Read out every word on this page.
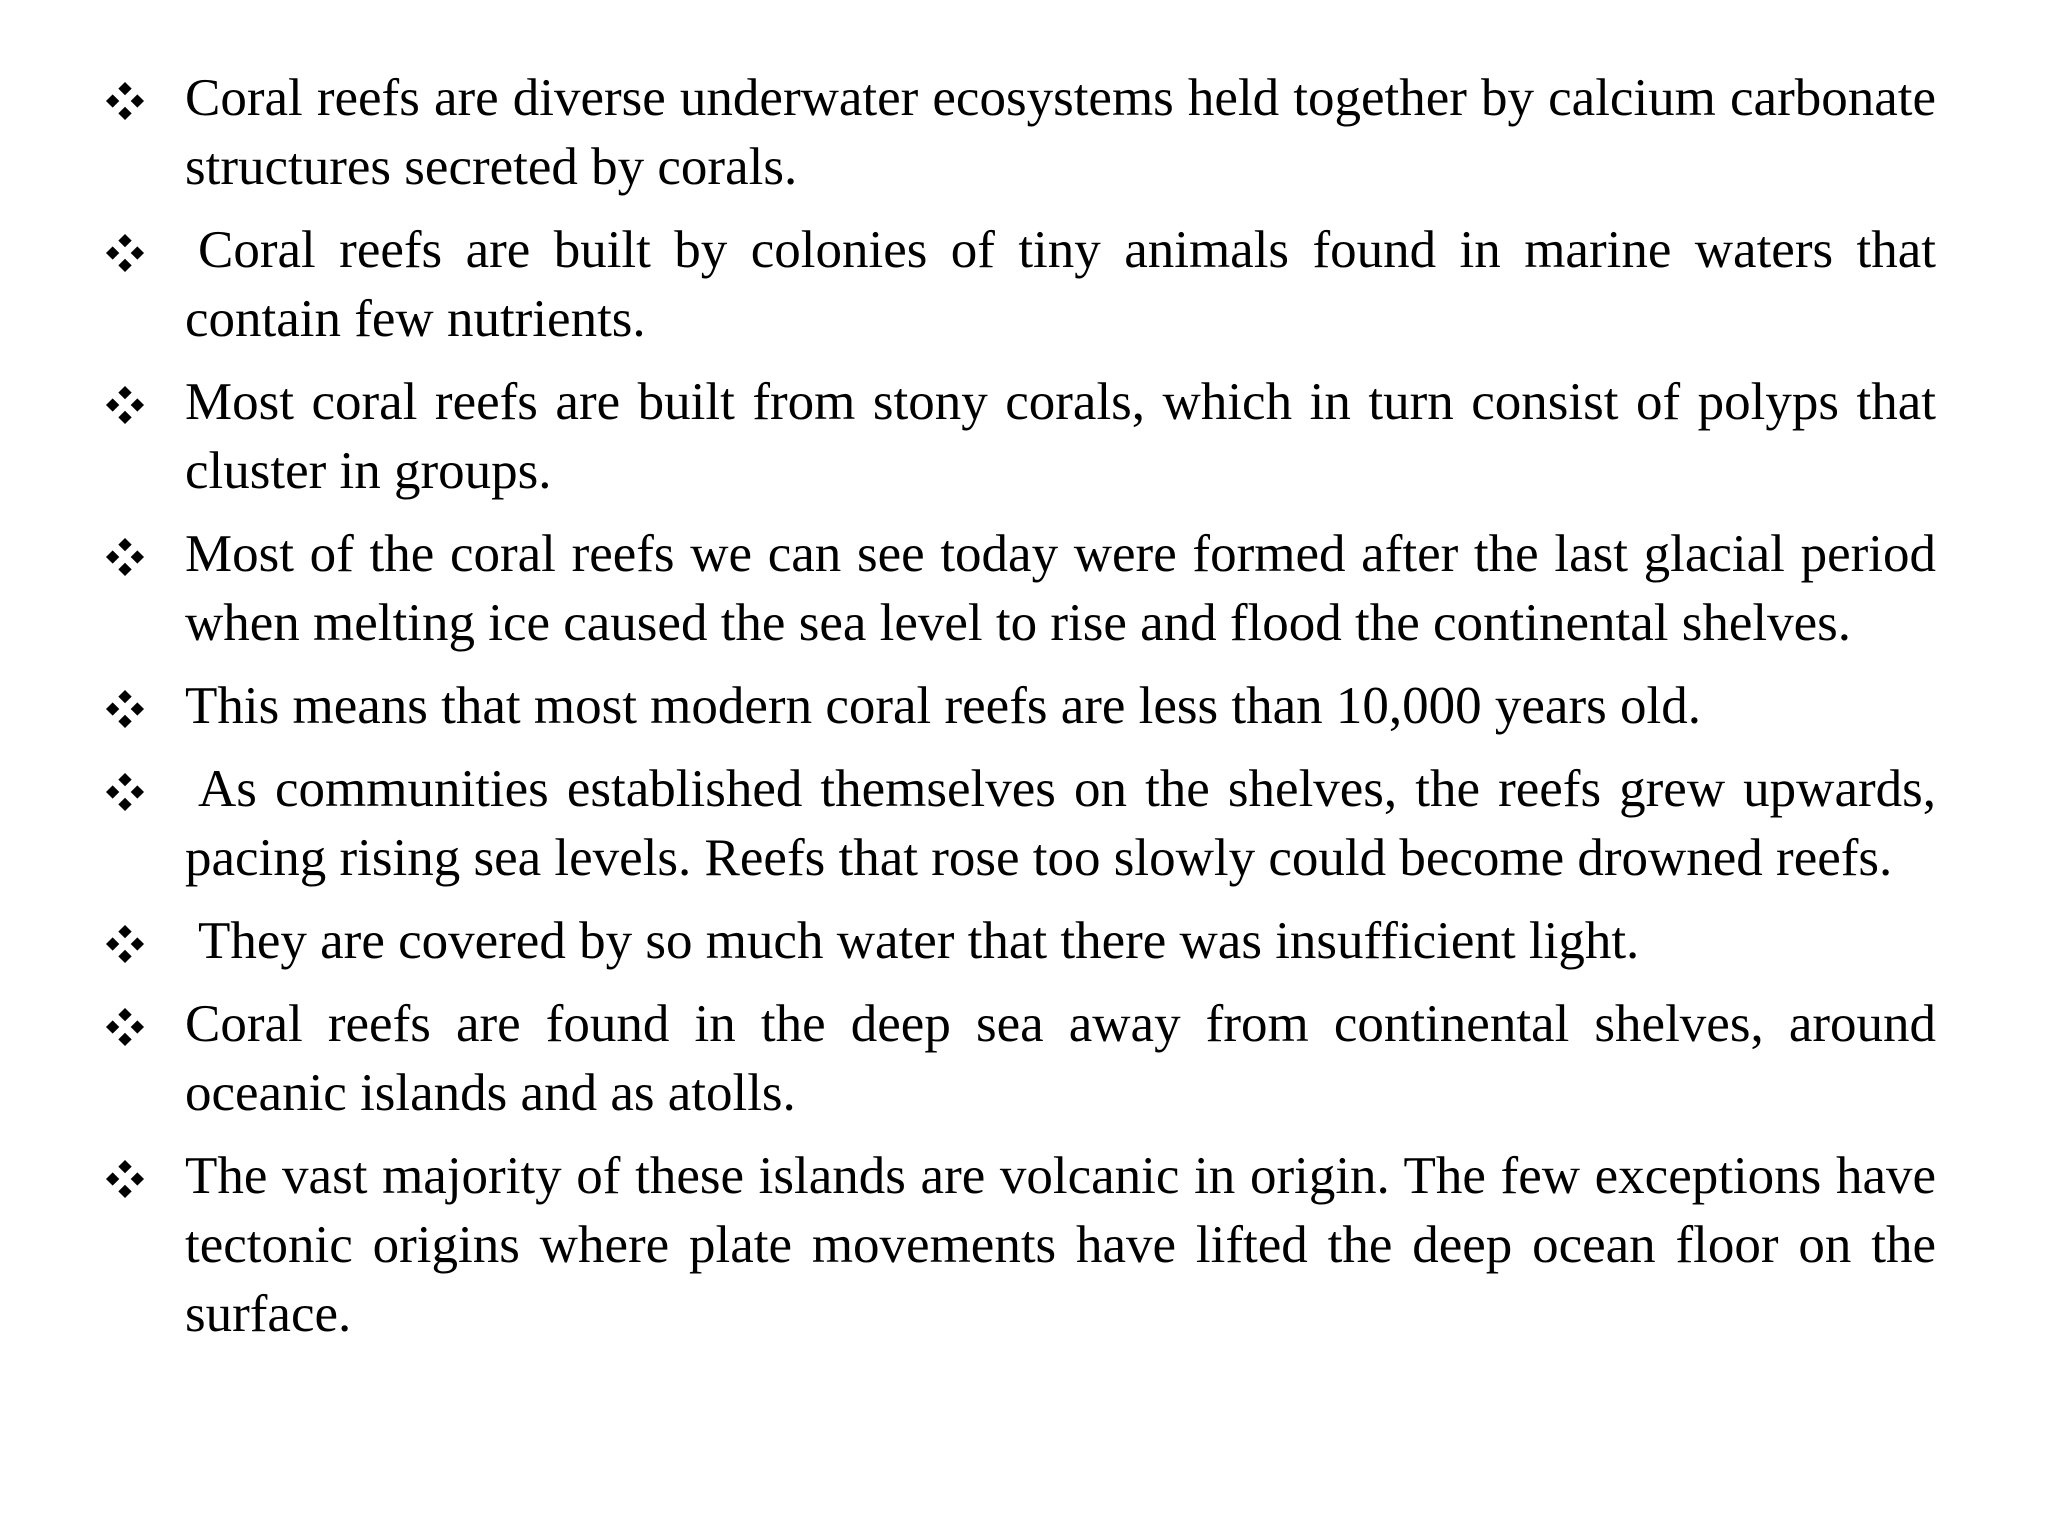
Coral reefs are diverse underwater ecosystems held together by calcium carbonate structures secreted by corals.
Coral reefs are built by colonies of tiny animals found in marine waters that contain few nutrients.
Most coral reefs are built from stony corals, which in turn consist of polyps that cluster in groups.
Most of the coral reefs we can see today were formed after the last glacial period when melting ice caused the sea level to rise and flood the continental shelves.
This means that most modern coral reefs are less than 10,000 years old.
As communities established themselves on the shelves, the reefs grew upwards, pacing rising sea levels. Reefs that rose too slowly could become drowned reefs.
They are covered by so much water that there was insufficient light.
Coral reefs are found in the deep sea away from continental shelves, around oceanic islands and as atolls.
The vast majority of these islands are volcanic in origin. The few exceptions have tectonic origins where plate movements have lifted the deep ocean floor on the surface.
